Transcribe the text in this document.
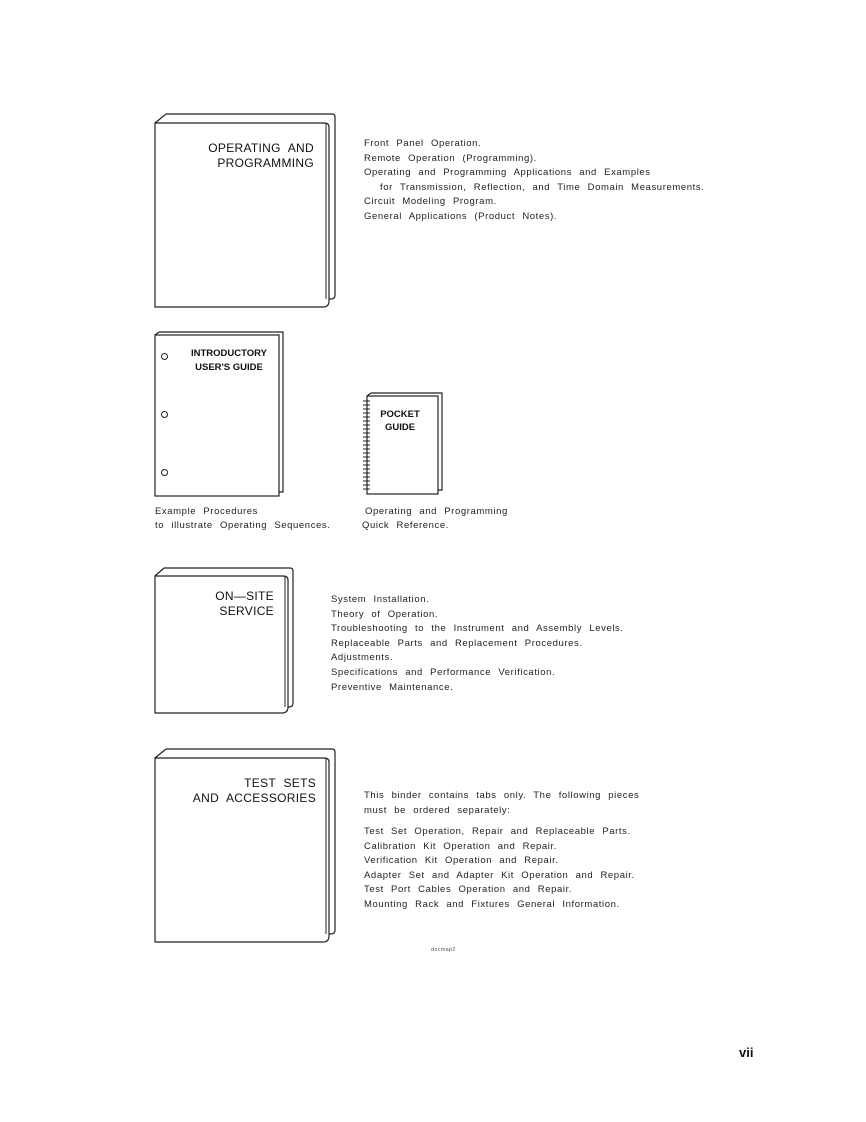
OPERATING AND
PROGRAMMING
Front Panel Operation.
Remote Operation (Programming).
Operating and Programming Applications and Examples
for Transmission, Reflection, and Time Domain Measurements.
Circuit Modeling Program.
General Applications (Product Notes).
INTRODUCTORY
USER'S GUIDE
Example Procedures
to illustrate Operating Sequences.
POCKET
GUIDE
Operating and Programming
Quick Reference.
ON—SITE
SERVICE
System Installation.
Theory of Operation.
Troubleshooting to the Instrument and Assembly Levels.
Replaceable Parts and Replacement Procedures.
Adjustments.
Specifications and Performance Verification.
Preventive Maintenance.
TEST SETS
AND ACCESSORIES	This binder contains tabs only. The following pieces
must be ordered separately:
Test Set Operation, Repair and Replaceable Parts.
Calibration Kit Operation and Repair.
Verification Kit Operation and Repair.
Adapter Set and Adapter Kit Operation and Repair.
Test Port Cables Operation and Repair.
Mounting Rack and Fixtures General Information.
docmap2
vii
